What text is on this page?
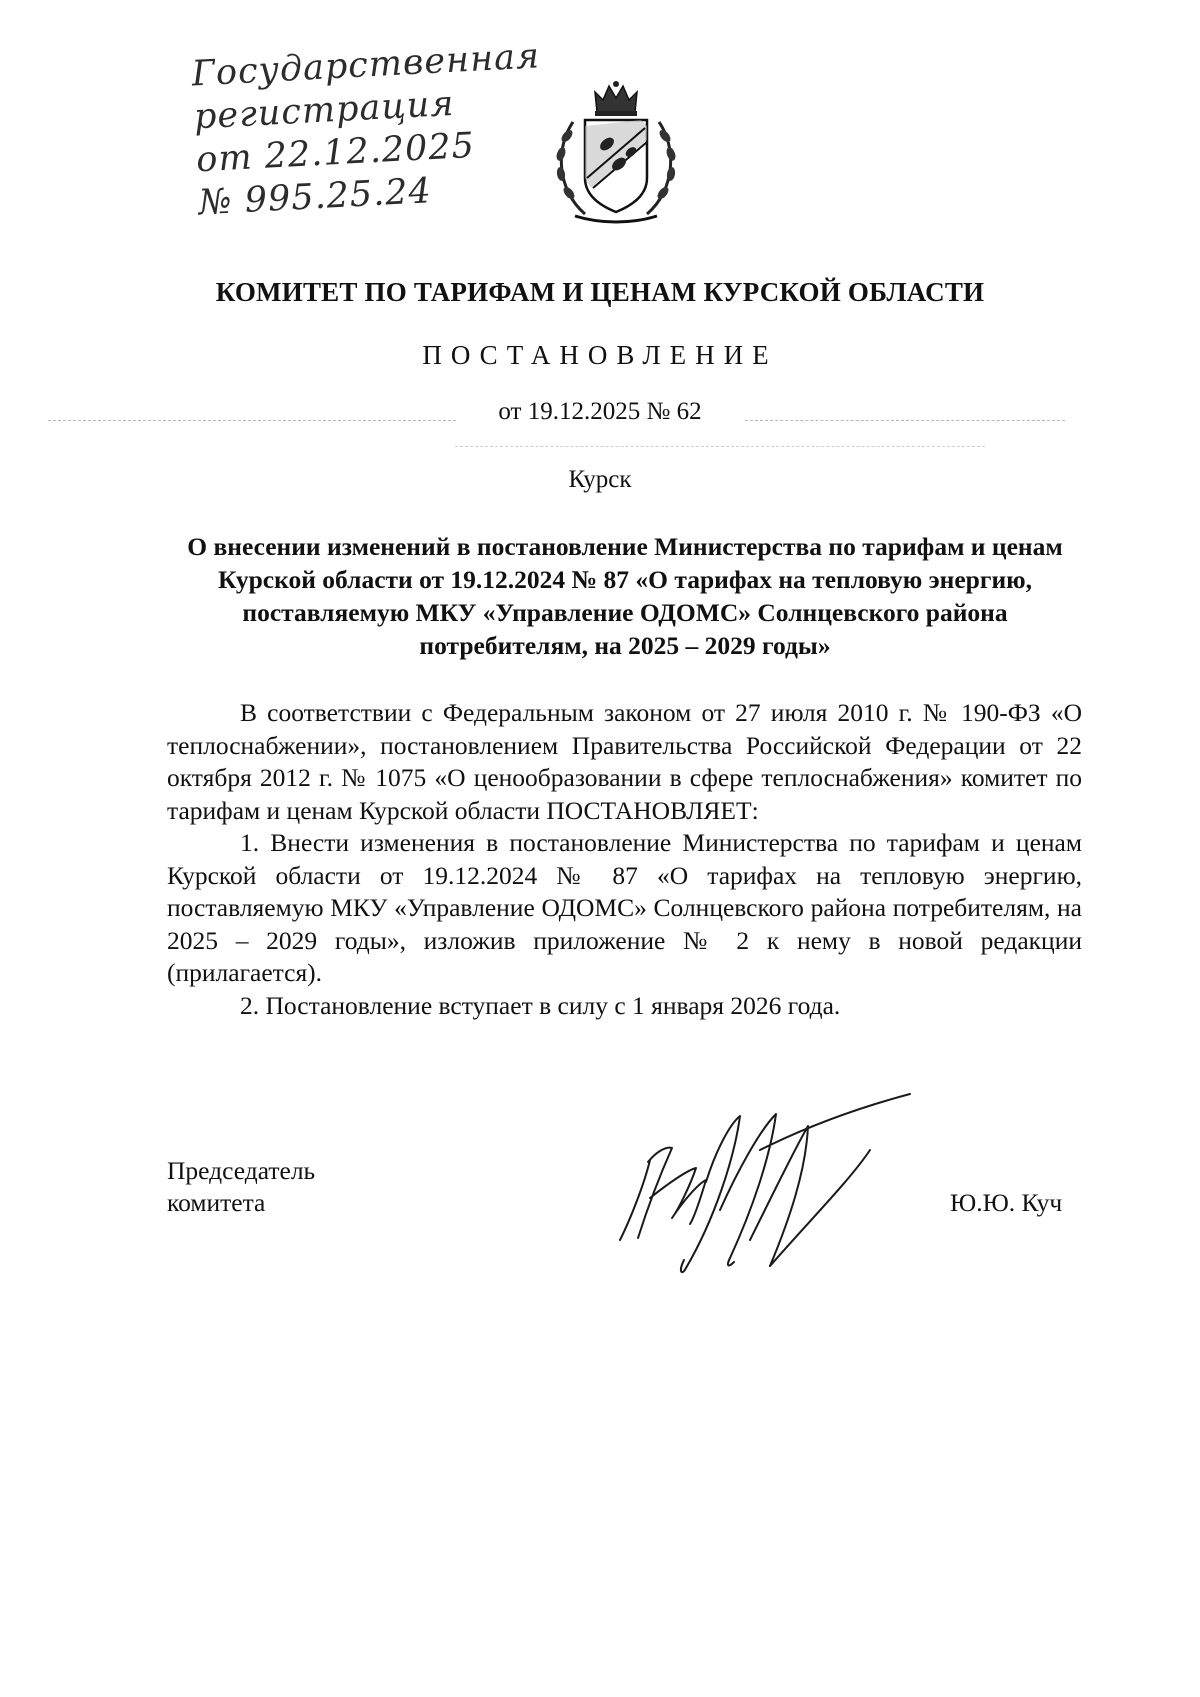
Государственная
регистрация
от 22.12.2025
№ 995.25.24
КОМИТЕТ ПО ТАРИФАМ И ЦЕНАМ КУРСКОЙ ОБЛАСТИ
ПОСТАНОВЛЕНИЕ
от 19.12.2025 № 62
Курск
О внесении изменений в постановление Министерства по тарифам и ценам Курской области от 19.12.2024 № 87 «О тарифах на тепловую энергию, поставляемую МКУ «Управление ОДОМС» Солнцевского района потребителям, на 2025 – 2029 годы»

В соответствии с Федеральным законом от 27 июля 2010 г. № 190-ФЗ «О теплоснабжении», постановлением Правительства Российской Федерации от 22 октября 2012 г. № 1075 «О ценообразовании в сфере теплоснабжения» комитет по тарифам и ценам Курской области ПОСТАНОВЛЯЕТ:

1. Внести изменения в постановление Министерства по тарифам и ценам Курской области от 19.12.2024 № 87 «О тарифах на тепловую энергию, поставляемую МКУ «Управление ОДОМС» Солнцевского района потребителям, на 2025 – 2029 годы», изложив приложение № 2 к нему в новой редакции (прилагается).

2. Постановление вступает в силу с 1 января 2026 года.

Председатель
комитета	Ю.Ю. Куч
